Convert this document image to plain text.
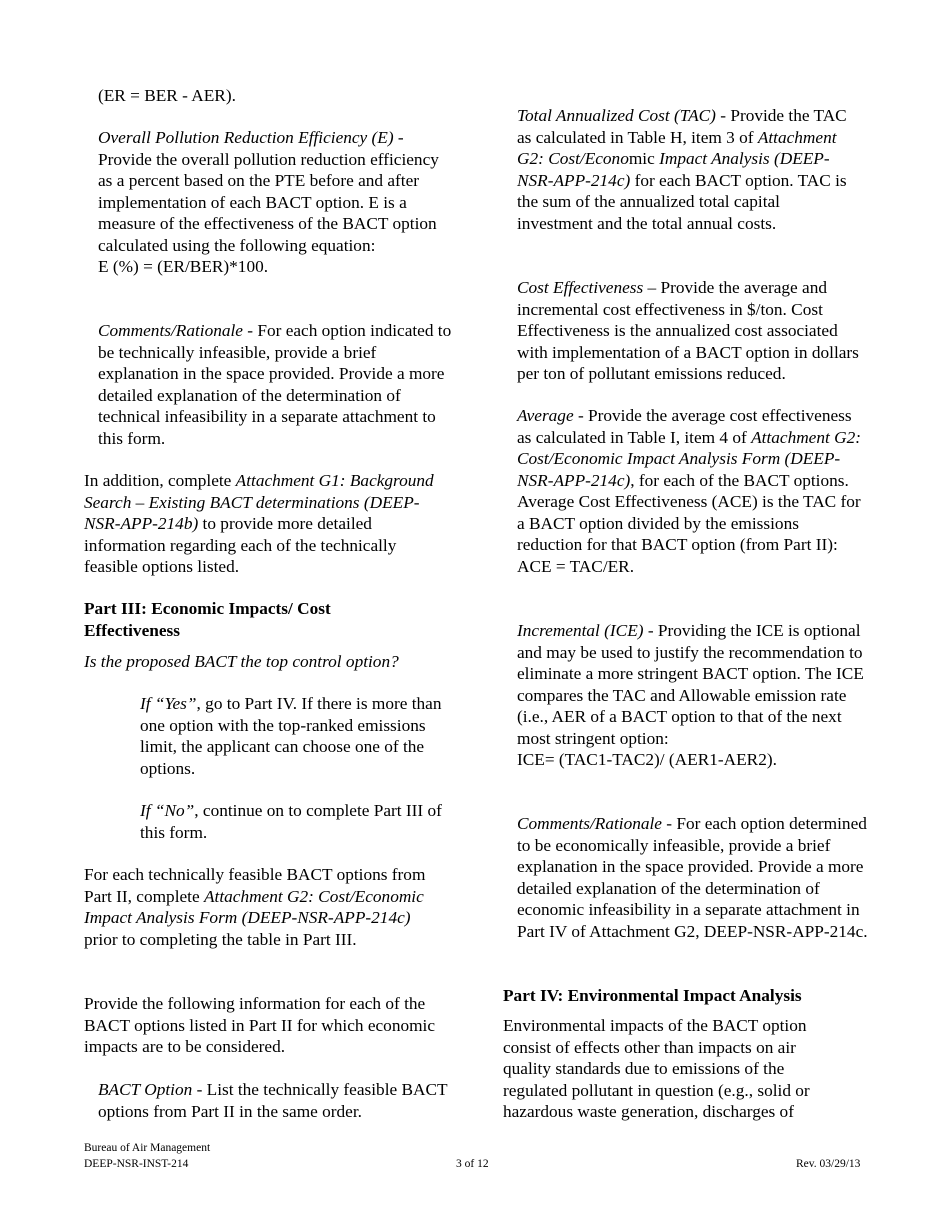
(ER = BER - AER).

Overall Pollution Reduction Efficiency (E) - Provide the overall pollution reduction efficiency as a percent based on the PTE before and after implementation of each BACT option. E is a measure of the effectiveness of the BACT option calculated using the following equation:
E (%) = (ER/BER)*100.

Comments/Rationale - For each option indicated to be technically infeasible, provide a brief explanation in the space provided. Provide a more detailed explanation of the determination of technical infeasibility in a separate attachment to this form.

In addition, complete Attachment G1: Background Search – Existing BACT determinations (DEEP-NSR-APP-214b) to provide more detailed information regarding each of the technically feasible options listed.

Part III: Economic Impacts/ Cost Effectiveness

Is the proposed BACT the top control option?

If “Yes”, go to Part IV. If there is more than one option with the top-ranked emissions limit, the applicant can choose one of the options.

If “No”, continue on to complete Part III of this form.

For each technically feasible BACT options from Part II, complete Attachment G2: Cost/Economic Impact Analysis Form (DEEP-NSR-APP-214c) prior to completing the table in Part III.

Provide the following information for each of the BACT options listed in Part II for which economic impacts are to be considered.

BACT Option - List the technically feasible BACT options from Part II in the same order.

Total Annualized Cost (TAC) - Provide the TAC as calculated in Table H, item 3 of Attachment G2: Cost/Economic Impact Analysis (DEEP-NSR-APP-214c) for each BACT option. TAC is the sum of the annualized total capital investment and the total annual costs.

Cost Effectiveness – Provide the average and incremental cost effectiveness in $/ton. Cost Effectiveness is the annualized cost associated with implementation of a BACT option in dollars per ton of pollutant emissions reduced.

Average - Provide the average cost effectiveness as calculated in Table I, item 4 of Attachment G2: Cost/Economic Impact Analysis Form (DEEP-NSR-APP-214c), for each of the BACT options. Average Cost Effectiveness (ACE) is the TAC for a BACT option divided by the emissions reduction for that BACT option (from Part II): ACE = TAC/ER.

Incremental (ICE) - Providing the ICE is optional and may be used to justify the recommendation to eliminate a more stringent BACT option. The ICE compares the TAC and Allowable emission rate (i.e., AER of a BACT option to that of the next most stringent option:
ICE= (TAC1-TAC2)/ (AER1-AER2).

Comments/Rationale - For each option determined to be economically infeasible, provide a brief explanation in the space provided. Provide a more detailed explanation of the determination of economic infeasibility in a separate attachment in Part IV of Attachment G2, DEEP-NSR-APP-214c.

Part IV: Environmental Impact Analysis

Environmental impacts of the BACT option consist of effects other than impacts on air quality standards due to emissions of the regulated pollutant in question (e.g., solid or hazardous waste generation, discharges of

Bureau of Air Management
DEEP-NSR-INST-214	3 of 12	Rev. 03/29/13
